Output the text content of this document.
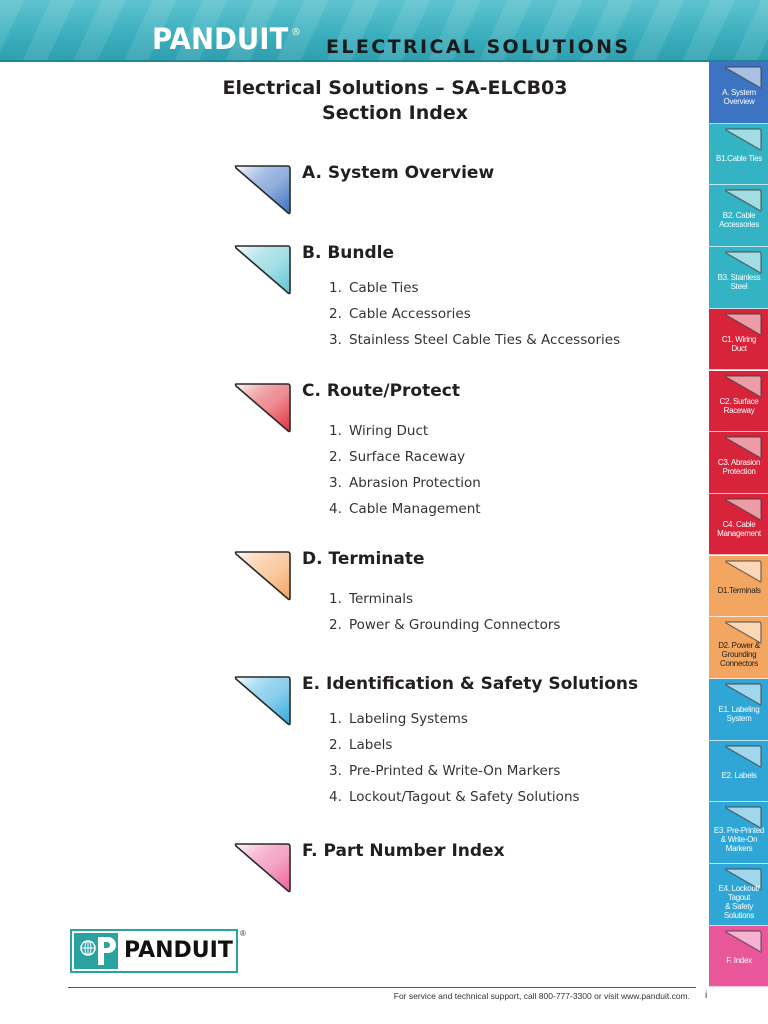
PANDUIT ®
ELECTRICAL SOLUTIONS
Electrical Solutions – SA-ELCB03
Section Index
A. System Overview
B. Bundle
1. Cable Ties
2. Cable Accessories
3. Stainless Steel Cable Ties & Accessories
C. Route/Protect
1. Wiring Duct
2. Surface Raceway
3. Abrasion Protection
4. Cable Management
D. Terminate
1. Terminals
2. Power & Grounding Connectors
E. Identification & Safety Solutions
1. Labeling Systems
2. Labels
3. Pre-Printed & Write-On Markers
4. Lockout/Tagout & Safety Solutions
F. Part Number Index
A. System
Overview
B1.Cable Ties
B2. Cable
Accessories
B3. Stainless
Steel
C1. Wiring
Duct
C2. Surface
Raceway
C3. Abrasion
Protection
C4. Cable
Management
D1.Terminals
D2. Power &
Grounding
Connectors
E1. Labeling
System
E2. Labels
E3. Pre-Printed
& Write-On
Markers
E4. Lockout/
Tagout
& Safety
Solutions
F. Index
PANDUIT
®
For service and technical support, call 800-777-3300 or visit www.panduit.com. i
